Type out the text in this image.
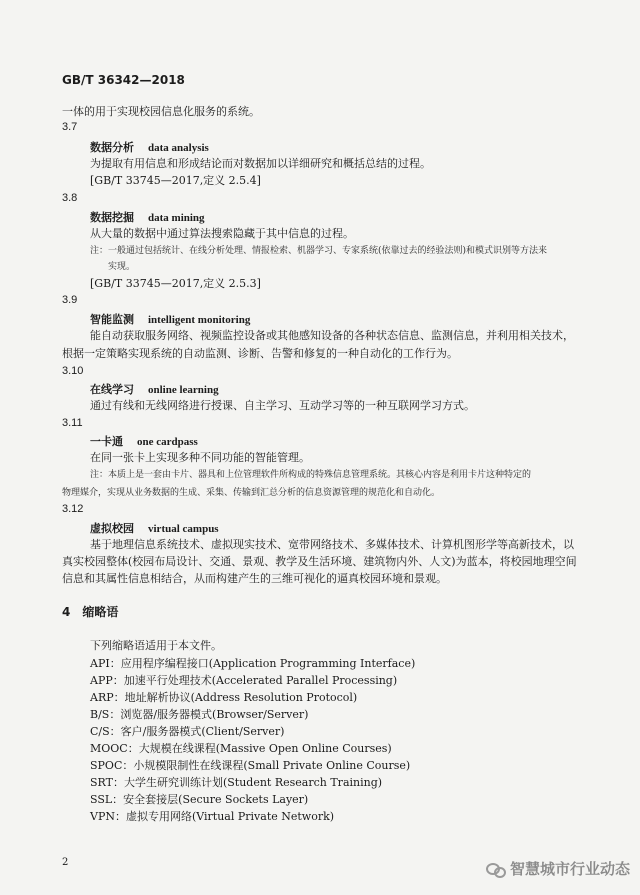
GB/T 36342—2018
一体的用于实现校园信息化服务的系统。
3.7
数据分析 data analysis
为提取有用信息和形成结论而对数据加以详细研究和概括总结的过程。
[GB/T 33745—2017,定义 2.5.4]
3.8
数据挖掘 data mining
从大量的数据中通过算法搜索隐藏于其中信息的过程。
注：一般通过包括统计、在线分析处理、情报检索、机器学习、专家系统(依靠过去的经验法则)和模式识别等方法来
实现。
[GB/T 33745—2017,定义 2.5.3]
3.9
智能监测 intelligent monitoring
能自动获取服务网络、视频监控设备或其他感知设备的各种状态信息、监测信息，并利用相关技术，
根据一定策略实现系统的自动监测、诊断、告警和修复的一种自动化的工作行为。
3.10
在线学习 online learning
通过有线和无线网络进行授课、自主学习、互动学习等的一种互联网学习方式。
3.11
一卡通 one cardpass
在同一张卡上实现多种不同功能的智能管理。
注：本质上是一套由卡片、器具和上位管理软件所构成的特殊信息管理系统。其核心内容是利用卡片这种特定的
物理媒介，实现从业务数据的生成、采集、传输到汇总分析的信息资源管理的规范化和自动化。
3.12
虚拟校园 virtual campus
基于地理信息系统技术、虚拟现实技术、宽带网络技术、多媒体技术、计算机图形学等高新技术，以
真实校园整体(校园布局设计、交通、景观、教学及生活环境、建筑物内外、人文)为蓝本，将校园地理空间
信息和其属性信息相结合，从而构建产生的三维可视化的逼真校园环境和景观。
4　缩略语
下列缩略语适用于本文件。
API：应用程序编程接口(Application Programming Interface)
APP：加速平行处理技术(Accelerated Parallel Processing)
ARP：地址解析协议(Address Resolution Protocol)
B/S：浏览器/服务器模式(Browser/Server)
C/S：客户/服务器模式(Client/Server)
MOOC：大规模在线课程(Massive Open Online Courses)
SPOC：小规模限制性在线课程(Small Private Online Course)
SRT：大学生研究训练计划(Student Research Training)
SSL：安全套接层(Secure Sockets Layer)
VPN：虚拟专用网络(Virtual Private Network)
2	智慧城市行业动态
